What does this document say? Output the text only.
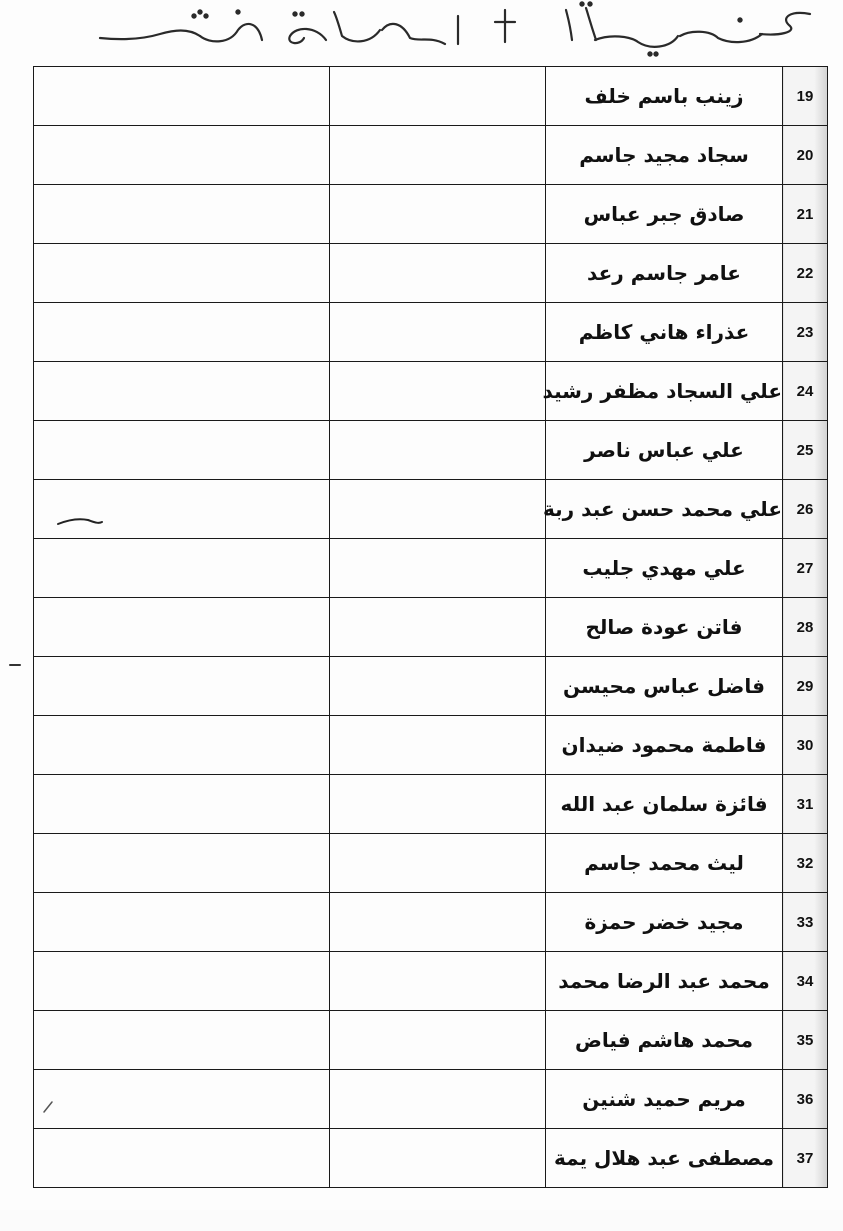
		زينب باسم خلف	19
		سجاد مجيد جاسم	20
		صادق جبر عباس	21
		عامر جاسم رعد	22
		عذراء هاني كاظم	23
		علي السجاد مظفر رشيد	24
		علي عباس ناصر	25
		علي محمد حسن عبد ربة	26
		علي مهدي جليب	27
		فاتن عودة صالح	28
		فاضل عباس محيسن	29
		فاطمة محمود ضيدان	30
		فائزة سلمان عبد الله	31
		ليث محمد جاسم	32
		مجيد خضر حمزة	33
		محمد عبد الرضا محمد	34
		محمد هاشم فياض	35
		مريم حميد شنين	36
		مصطفى عبد هلال يمة	37
